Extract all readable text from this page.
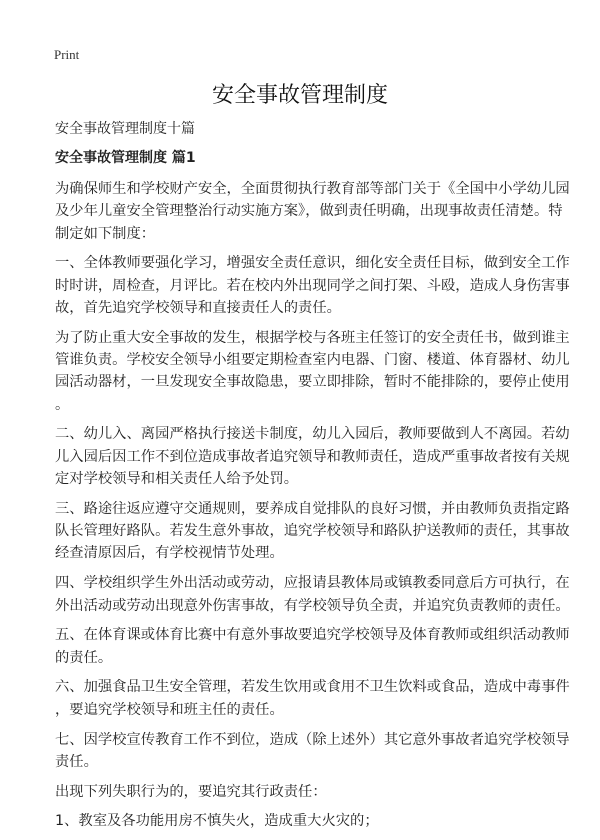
Print
安全事故管理制度
安全事故管理制度十篇
安全事故管理制度 篇1
为确保师生和学校财产安全，全面贯彻执行教育部等部门关于《全国中小学幼儿园
及少年儿童安全管理整治行动实施方案》，做到责任明确，出现事故责任清楚。特
制定如下制度：
一、全体教师要强化学习，增强安全责任意识，细化安全责任目标，做到安全工作
时时讲，周检查，月评比。若在校内外出现同学之间打架、斗殴，造成人身伤害事
故，首先追究学校领导和直接责任人的责任。
为了防止重大安全事故的发生，根据学校与各班主任签订的安全责任书，做到谁主
管谁负责。学校安全领导小组要定期检查室内电器、门窗、楼道、体育器材、幼儿
园活动器材，一旦发现安全事故隐患，要立即排除，暂时不能排除的，要停止使用
。
二、幼儿入、离园严格执行接送卡制度，幼儿入园后，教师要做到人不离园。若幼
儿入园后因工作不到位造成事故者追究领导和教师责任，造成严重事故者按有关规
定对学校领导和相关责任人给予处罚。
三、路途往返应遵守交通规则，要养成自觉排队的良好习惯，并由教师负责指定路
队长管理好路队。若发生意外事故，追究学校领导和路队护送教师的责任，其事故
经查清原因后，有学校视情节处理。
四、学校组织学生外出活动或劳动，应报请县教体局或镇教委同意后方可执行，在
外出活动或劳动出现意外伤害事故，有学校领导负全责，并追究负责教师的责任。
五、在体育课或体育比赛中有意外事故要追究学校领导及体育教师或组织活动教师
的责任。
六、加强食品卫生安全管理，若发生饮用或食用不卫生饮料或食品，造成中毒事件
，要追究学校领导和班主任的责任。
七、因学校宣传教育工作不到位，造成（除上述外）其它意外事故者追究学校领导
责任。
出现下列失职行为的，要追究其行政责任：
1、教室及各功能用房不慎失火，造成重大火灾的；
